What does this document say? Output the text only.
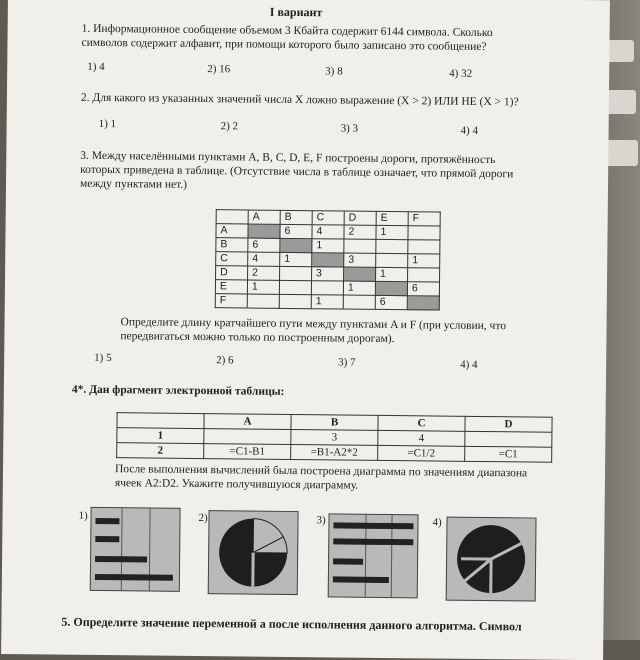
I вариант
1. Информационное сообщение объемом 3 Кбайта содержит 6144 символа. Сколько
символов содержит алфавит, при помощи которого было записано это сообщение?
1) 4	2) 16	3) 8	4) 32
2. Для какого из указанных значений числа X ложно выражение (X > 2) ИЛИ НЕ (X > 1)?
1) 1	2) 2	3) 3	4) 4
3. Между населёнными пунктами A, B, C, D, E, F построены дороги, протяжённость
которых приведена в таблице. (Отсутствие числа в таблице означает, что прямой дороги
между пунктами нет.)
	A	B	C	D	E	F
A		6	4	2	1	
B	6		1			
C	4	1		3		1
D	2		3		1	
E	1			1		6
F			1		6	
Определите длину кратчайшего пути между пунктами A и F (при условии, что
передвигаться можно только по построенным дорогам).
1) 5	2) 6	3) 7	4) 4
4*. Дан фрагмент электронной таблицы:
	A	B	C	D
1		3	4	
2	=C1-B1	=B1-A2*2	=C1/2	=C1
После выполнения вычислений была построена диаграмма по значениям диапазона
ячеек A2:D2. Укажите получившуюся диаграмму.
1)	2)	3)	4)
5. Определите значение переменной a после исполнения данного алгоритма. Символ
